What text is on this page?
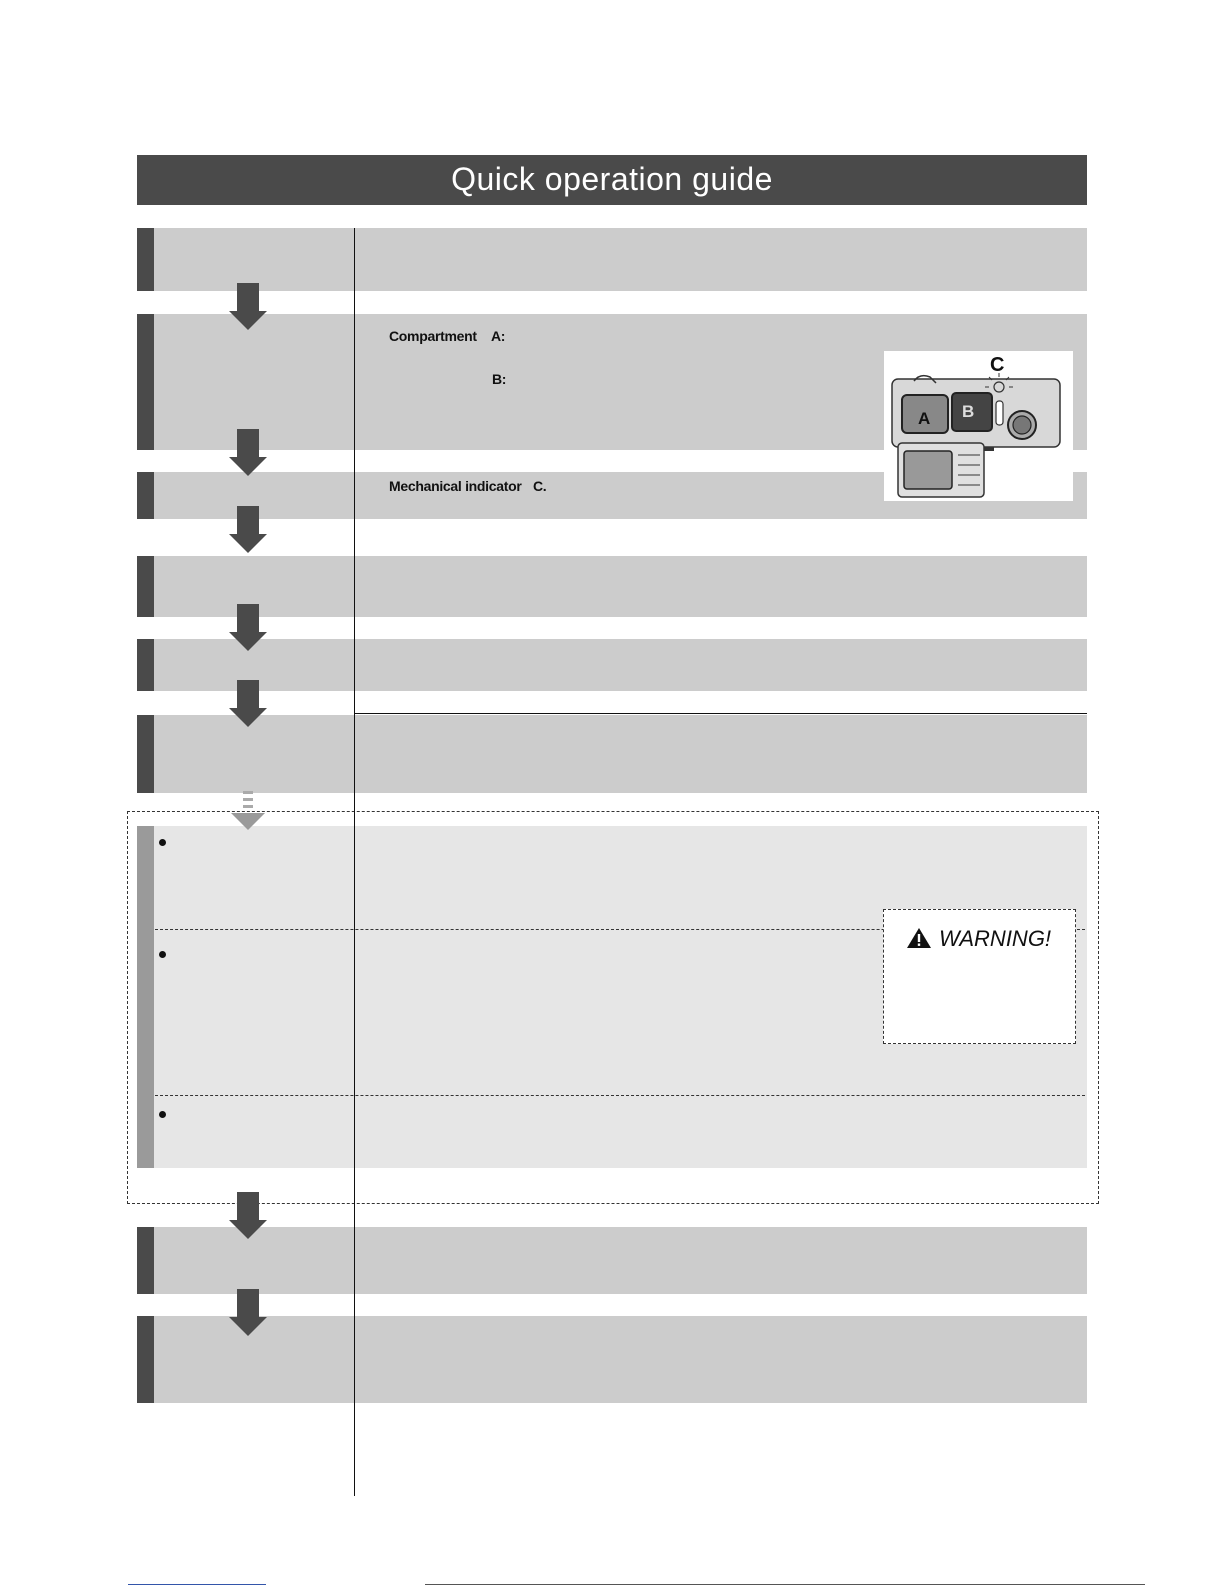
Quick operation guide
Compartment A:
B:
Mechanical indicator C.
C
A B
WARNING!
